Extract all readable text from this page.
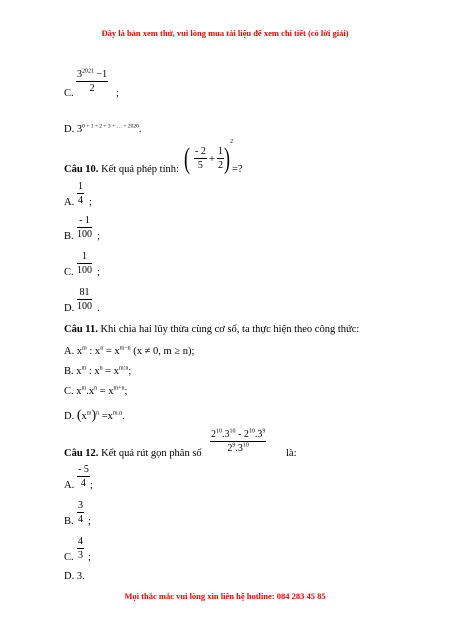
Đây là bản xem thử, vui lòng mua tài liệu để xem chi tiết (có lời giải)
C. $\frac{3^{2021} -1}{2}$ ;
D. $3^{0 + 1 + 2 + 3 + \dots + 2020}$.
Câu 10. Kết quả phép tính: ( $\frac{- 2}{5} + \frac{1}{2}$ ) 2
=?
A. $\frac{1}{4}$ ;
B. $\frac{- 1}{100}$ ;
C. $\frac{1}{100}$ ;
D. $\frac{81}{100}$ .
Câu 11. Khi chia hai lũy thừa cùng cơ số, ta thực hiện theo công thức:
A. $x^m$ : $x^n = x^{m-n}$ (x ≠ 0, m ≥ n);
B. $x^m$ : $x^n = x^{m:n}$;
C. $x^m.x^n = x^{m+n}$;
D. $(x^m)^n =x^{m.n}$.
Câu 12. Kết quả rút gọn phân số $\frac{2^{10}.3^{10} - 2^{10}.3^9}{2^9.3^{10}}$ là:
A. $\frac{- 5}{4}$ ;
B. $\frac{3}{4}$ ;
C. $\frac{4}{3}$ ;
D. 3.
Mọi thắc mắc vui lòng xin liên hệ hotline: 084 283 45 85
